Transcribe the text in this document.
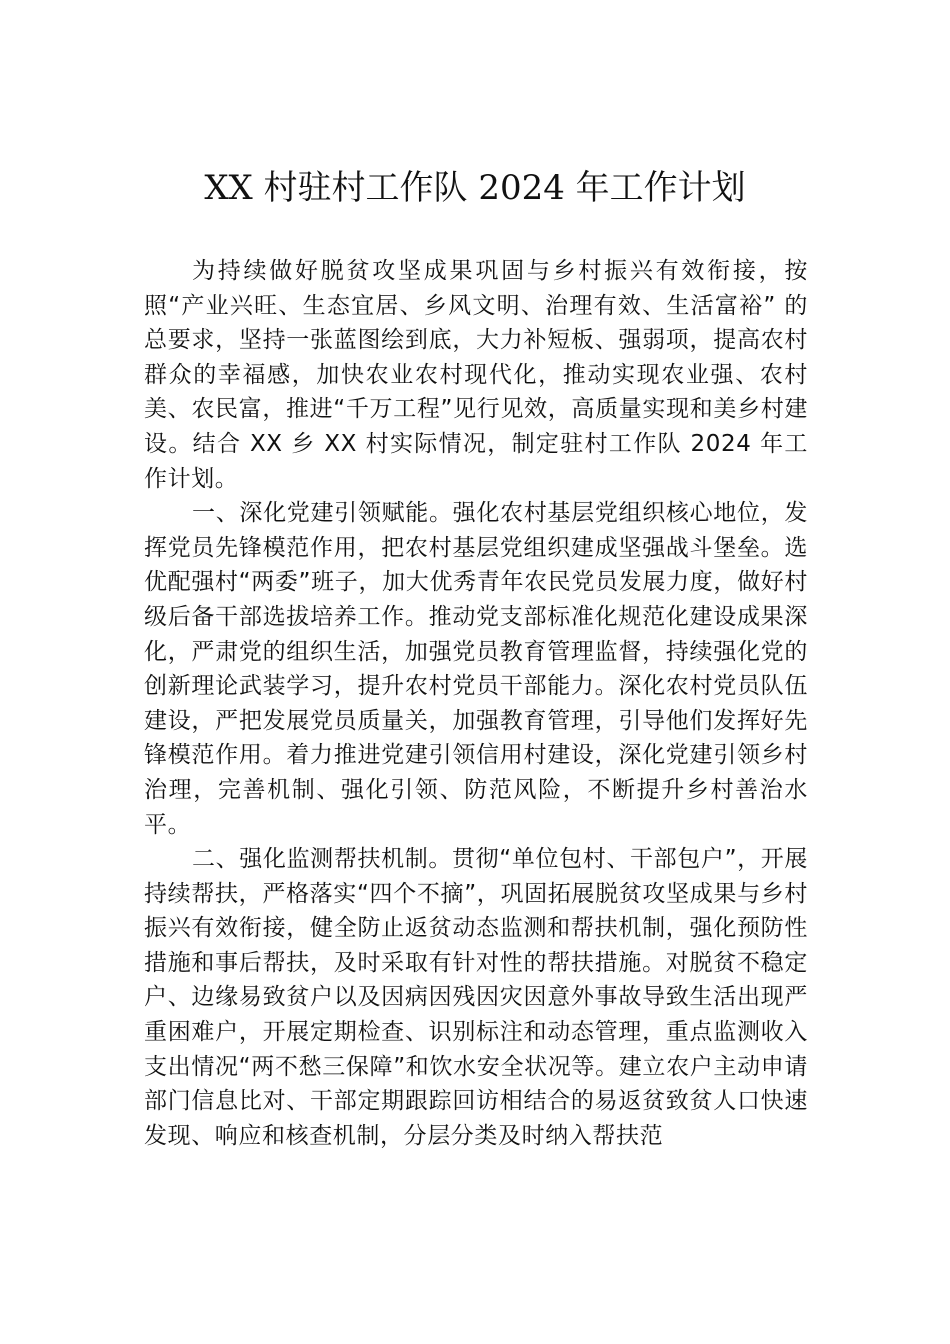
XX 村驻村工作队 2024 年工作计划

为持续做好脱贫攻坚成果巩固与乡村振兴有效衔接，按照“产业兴旺、生态宜居、乡风文明、治理有效、生活富裕” 的总要求，坚持一张蓝图绘到底，大力补短板、强弱项，提高农村群众的幸福感，加快农业农村现代化，推动实现农业强、农村美、农民富，推进“千万工程”见行见效，高质量实现和美乡村建设。结合 XX 乡 XX 村实际情况，制定驻村工作队 2024 年工作计划。

一、深化党建引领赋能。强化农村基层党组织核心地位，发挥党员先锋模范作用，把农村基层党组织建成坚强战斗堡垒。选优配强村“两委”班子，加大优秀青年农民党员发展力度，做好村级后备干部选拔培养工作。推动党支部标准化规范化建设成果深化，严肃党的组织生活，加强党员教育管理监督，持续强化党的创新理论武装学习，提升农村党员干部能力。深化农村党员队伍建设，严把发展党员质量关，加强教育管理，引导他们发挥好先锋模范作用。着力推进党建引领信用村建设，深化党建引领乡村治理，完善机制、强化引领、防范风险，不断提升乡村善治水平。

二、强化监测帮扶机制。贯彻“单位包村、干部包户”，开展持续帮扶，严格落实“四个不摘”，巩固拓展脱贫攻坚成果与乡村振兴有效衔接，健全防止返贫动态监测和帮扶机制，强化预防性措施和事后帮扶，及时采取有针对性的帮扶措施。对脱贫不稳定户、边缘易致贫户以及因病因残因灾因意外事故导致生活出现严重困难户，开展定期检查、识别标注和动态管理，重点监测收入支出情况“两不愁三保障”和饮水安全状况等。建立农户主动申请部门信息比对、干部定期跟踪回访相结合的易返贫致贫人口快速发现、响应和核查机制，分层分类及时纳入帮扶范
